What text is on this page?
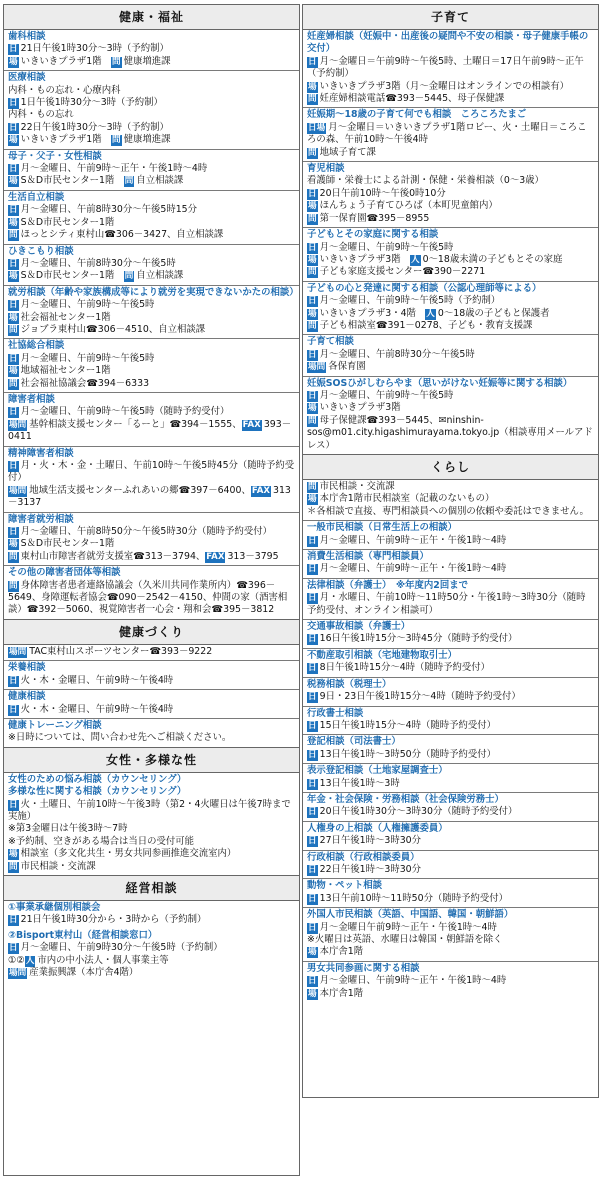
健康・福祉
歯科相談
日 21日午後1時30分～3時（予約制）
場 いきいきプラザ1階　問 健康増進課
医療相談
内科・もの忘れ・心療内科
日 1日午後1時30分～3時（予約制）
内科・もの忘れ
日 22日午後1時30分～3時（予約制）
場 いきいきプラザ1階　問 健康増進課
母子・父子・女性相談
日 月～金曜日、午前9時～正午・午後1時～4時
場 S＆D市民センター1階　問 自立相談課
生活自立相談
日 月～金曜日、午前8時30分～午後5時15分
場 S＆D市民センター1階
問 ほっとシティ東村山☎306－3427、自立相談課
ひきこもり相談
日 月～金曜日、午前8時30分～午後5時
場 S＆D市民センター1階　問 自立相談課
就労相談（年齢や家族構成等により就労を実現できないかたの相談）
日 月～金曜日、午前9時～午後5時
場 社会福祉センター1階
問 ジョブラ東村山☎306－4510、自立相談課
社協総合相談
日 月～金曜日、午前9時～午後5時
場 地域福祉センター1階
問 社会福祉協議会☎394－6333
障害者相談
日 月～金曜日、午前9時～午後5時（随時予約受付）
場問 基幹相談支援センター「るーと」☎394－1555、FAX 393－0411
精神障害者相談
日 月・火・木・金・土曜日、午前10時～午後5時45分（随時予約受付）
場問 地域生活支援センターふれあいの郷☎397－6400、FAX 313－3137
障害者就労相談
日 月～金曜日、午前8時50分～午後5時30分（随時予約受付）
場 S＆D市民センター1階
問 東村山市障害者就労支援室☎313－3794、FAX 313－3795
その他の障害者団体等相談
問 身体障害者患者連絡協議会（久米川共同作業所内）☎396－5649、身障運転者協会☎090－2542－4150、仲間の家（酒害相談）☎392－5060、視覚障害者一心会・翔和会☎395－3812
健康づくり
場問 TAC東村山スポーツセンター☎393－9222
栄養相談
日 火・木・金曜日、午前9時～午後4時
健康相談
日 火・木・金曜日、午前9時～午後4時
健康トレーニング相談
※日時については、問い合わせ先へご相談ください。
女性・多様な性
女性のための悩み相談（カウンセリング）
多様な性に関する相談（カウンセリング）
日 火・土曜日、午前10時～午後3時（第2・4火曜日は午後7時まで実施）
※第3金曜日は午後3時～7時
※予約制、空きがある場合は当日の受付可能
場 相談室（多文化共生・男女共同参画推進交流室内）
問 市民相談・交流課
経営相談
①事業承継個別相談会
日 21日午後1時30分から・3時から（予約制）
②Bisport東村山（経営相談窓口）
日 月～金曜日、午前9時30分～午後5時（予約制）
①②人 市内の中小法人・個人事業主等
場問 産業振興課（本庁舎4階）
子育て
妊産婦相談（妊娠中・出産後の疑問や不安の相談・母子健康手帳の交付）
日 月～金曜日＝午前9時～午後5時、土曜日＝17日午前9時～正午（予約制）
場 いきいきプラザ3階（月～金曜日はオンラインでの相談有）
問 妊産婦相談電話☎393－5445、母子保健課
妊娠期～18歳の子育て何でも相談　ころころたまご
日場 月～金曜日＝いきいきプラザ1階ロビー、火・土曜日＝ころころの森、午前10時～午後4時
問 地域子育て課
育児相談
看護師・栄養士による計測・保健・栄養相談（0～3歳）
日 20日午前10時～午後0時10分
場 ほんちょう子育てひろば（本町児童館内）
問 第一保育園☎395－8955
子どもとその家庭に関する相談
日 月～金曜日、午前9時～午後5時
場 いきいきプラザ3階　人 0～18歳未満の子どもとその家庭
問 子ども家庭支援センター☎390－2271
子どもの心と発達に関する相談（公認心理師等による）
日 月～金曜日、午前9時～午後5時（予約制）
場 いきいきプラザ3・4階　人 0～18歳の子どもと保護者
問 子ども相談室☎391－0278、子ども・教育支援課
子育て相談
日 月～金曜日、午前8時30分～午後5時
場問 各保育園
妊娠SOSひがしむらやま（思いがけない妊娠等に関する相談）
日 月～金曜日、午前9時～午後5時
場 いきいきプラザ3階
問 母子保健課☎393－5445、✉ninshin-sos@m01.city.higashimurayama.tokyo.jp（相談専用メールアドレス）
くらし
問 市民相談・交流課
場 本庁舎1階市民相談室（記載のないもの）
＊各相談で直接、専門相談員への個別の依頼や委託はできません。
一般市民相談（日常生活上の相談）
日 月～金曜日、午前9時～正午・午後1時～4時
消費生活相談（専門相談員）
日 月～金曜日、午前9時～正午・午後1時～4時
法律相談（弁護士）　※年度内2回まで
日 月・水曜日、午前10時～11時50分・午後1時～3時30分（随時予約受付、オンライン相談可）
交通事故相談（弁護士）
日 16日午後1時15分～3時45分（随時予約受付）
不動産取引相談（宅地建物取引士）
日 8日午後1時15分～4時（随時予約受付）
税務相談（税理士）
日 9日・23日午後1時15分～4時（随時予約受付）
行政書士相談
日 15日午後1時15分～4時（随時予約受付）
登記相談（司法書士）
日 13日午後1時～3時50分（随時予約受付）
表示登記相談（土地家屋調査士）
日 13日午後1時～3時
年金・社会保険・労務相談（社会保険労務士）
日 20日午後1時30分～3時30分（随時予約受付）
人権身の上相談（人権擁護委員）
日 27日午後1時～3時30分
行政相談（行政相談委員）
日 22日午後1時～3時30分
動物・ペット相談
日 13日午前10時～11時50分（随時予約受付）
外国人市民相談（英語、中国語、韓国・朝鮮語）
日 月～金曜日午前9時～正午・午後1時～4時
※火曜日は英語、水曜日は韓国・朝鮮語を除く
場 本庁舎1階
男女共同参画に関する相談
日 月～金曜日、午前9時～正午・午後1時～4時
場 本庁舎1階
